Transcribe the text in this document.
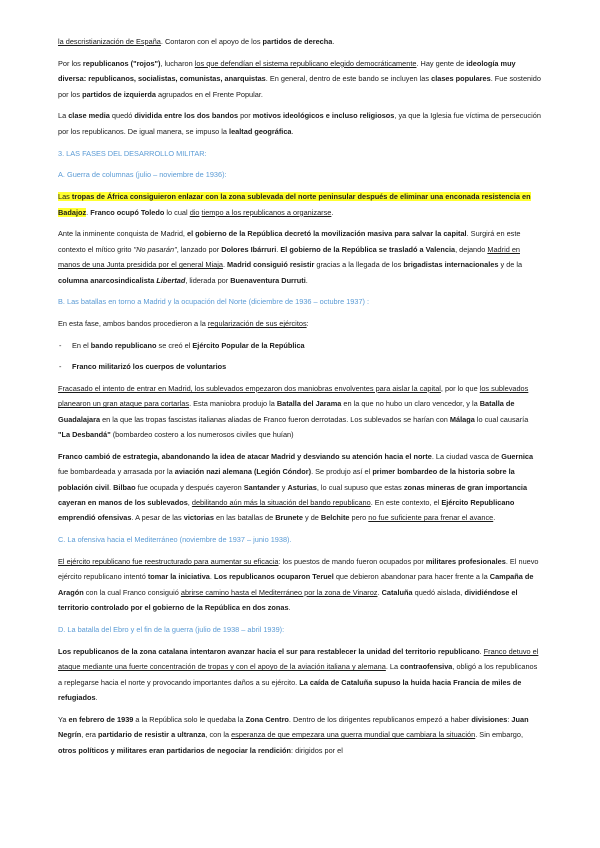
la descristianización de España. Contaron con el apoyo de los partidos de derecha.

Por los republicanos ("rojos"), lucharon los que defendían el sistema republicano elegido democráticamente. Hay gente de ideología muy diversa: republicanos, socialistas, comunistas, anarquistas. En general, dentro de este bando se incluyen las clases populares. Fue sostenido por los partidos de izquierda agrupados en el Frente Popular.

La clase media quedó dividida entre los dos bandos por motivos ideológicos e incluso religiosos, ya que la Iglesia fue víctima de persecución por los republicanos. De igual manera, se impuso la lealtad geográfica.

3. LAS FASES DEL DESARROLLO MILITAR:

A. Guerra de columnas (julio – noviembre de 1936):

Las tropas de África consiguieron enlazar con la zona sublevada del norte peninsular después de eliminar una enconada resistencia en Badajoz. Franco ocupó Toledo lo cual dio tiempo a los republicanos a organizarse.

Ante la inminente conquista de Madrid, el gobierno de la República decretó la movilización masiva para salvar la capital. Surgirá en este contexto el mítico grito "No pasarán", lanzado por Dolores Ibárruri. El gobierno de la República se trasladó a Valencia, dejando Madrid en manos de una Junta presidida por el general Miaja. Madrid consiguió resistir gracias a la llegada de los brigadistas internacionales y de la columna anarcosindicalista Libertad, liderada por Buenaventura Durruti.

B. Las batallas en torno a Madrid y la ocupación del Norte (diciembre de 1936 – octubre 1937) :

En esta fase, ambos bandos procedieron a la regularización de sus ejércitos:

- En el bando republicano se creó el Ejército Popular de la República
- Franco militarizó los cuerpos de voluntarios

Fracasado el intento de entrar en Madrid, los sublevados empezaron dos maniobras envolventes para aislar la capital, por lo que los sublevados planearon un gran ataque para cortarlas. Esta maniobra produjo la Batalla del Jarama en la que no hubo un claro vencedor, y la Batalla de Guadalajara en la que las tropas fascistas italianas aliadas de Franco fueron derrotadas. Los sublevados se harían con Málaga lo cual causaría "La Desbandá" (bombardeo costero a los numerosos civiles que huían)

Franco cambió de estrategia, abandonando la idea de atacar Madrid y desviando su atención hacia el norte. La ciudad vasca de Guernica fue bombardeada y arrasada por la aviación nazi alemana (Legión Cóndor). Se produjo así el primer bombardeo de la historia sobre la población civil. Bilbao fue ocupada y después cayeron Santander y Asturias, lo cual supuso que estas zonas mineras de gran importancia cayeran en manos de los sublevados, debilitando aún más la situación del bando republicano. En este contexto, el Ejército Republicano emprendió ofensivas. A pesar de las victorias en las batallas de Brunete y de Belchite pero no fue suficiente para frenar el avance.

C. La ofensiva hacia el Mediterráneo (noviembre de 1937 – junio 1938).

El ejército republicano fue reestructurado para aumentar su eficacia: los puestos de mando fueron ocupados por militares profesionales. El nuevo ejército republicano intentó tomar la iniciativa. Los republicanos ocuparon Teruel que debieron abandonar para hacer frente a la Campaña de Aragón con la cual Franco consiguió abrirse camino hasta el Mediterráneo por la zona de Vinaroz. Cataluña quedó aislada, dividiéndose el territorio controlado por el gobierno de la República en dos zonas.

D. La batalla del Ebro y el fin de la guerra (julio de 1938 – abril 1939):

Los republicanos de la zona catalana intentaron avanzar hacia el sur para restablecer la unidad del territorio republicano. Franco detuvo el ataque mediante una fuerte concentración de tropas y con el apoyo de la aviación italiana y alemana. La contraofensiva, obligó a los republicanos a replegarse hacia el norte y provocando importantes daños a su ejército. La caída de Cataluña supuso la huida hacia Francia de miles de refugiados.

Ya en febrero de 1939 a la República solo le quedaba la Zona Centro. Dentro de los dirigentes republicanos empezó a haber divisiones: Juan Negrín, era partidario de resistir a ultranza, con la esperanza de que empezara una guerra mundial que cambiara la situación. Sin embargo, otros políticos y militares eran partidarios de negociar la rendición: dirigidos por el
